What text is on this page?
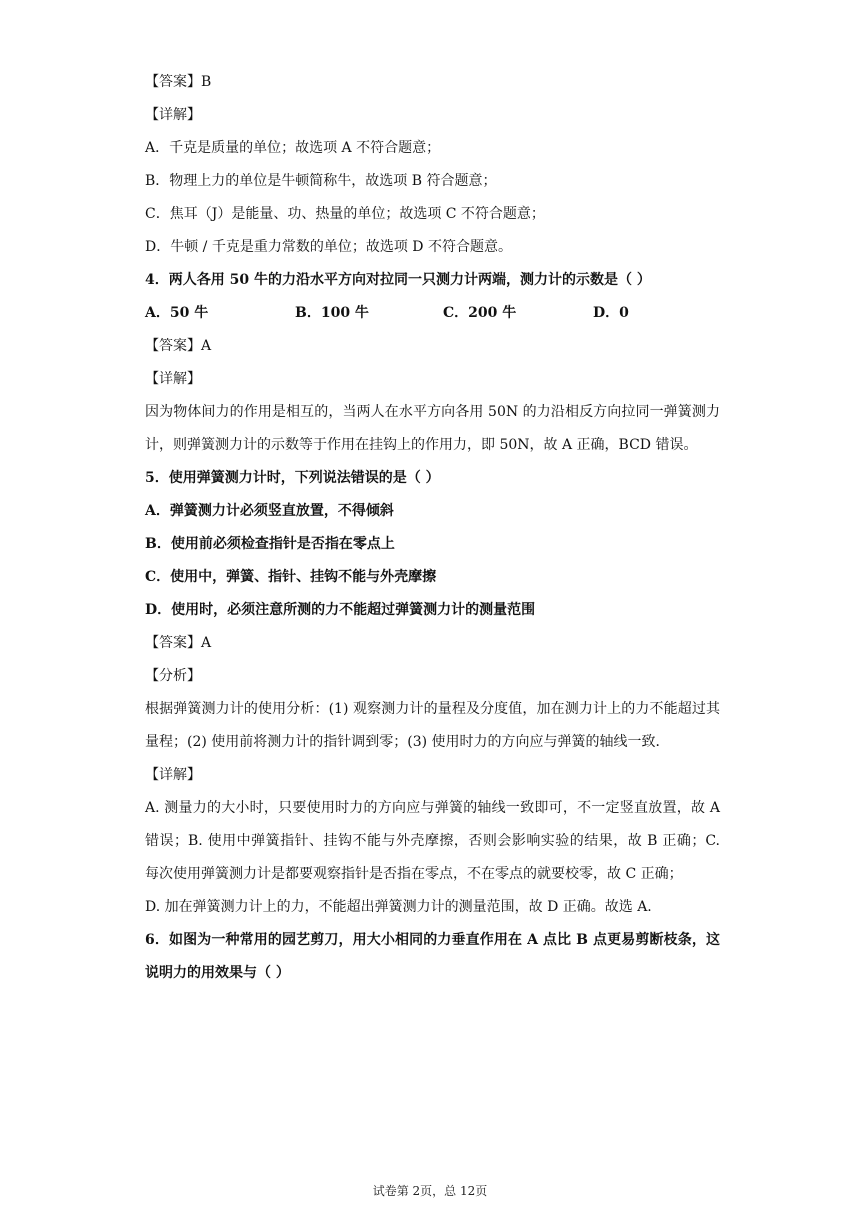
【答案】B
【详解】
A．千克是质量的单位；故选项 A 不符合题意；
B．物理上力的单位是牛顿简称牛，故选项 B 符合题意；
C．焦耳（J）是能量、功、热量的单位；故选项 C 不符合题意；
D．牛顿 / 千克是重力常数的单位；故选项 D 不符合题意。
4．两人各用 50 牛的力沿水平方向对拉同一只测力计两端，测力计的示数是（ ）
A．50 牛	B．100 牛	C．200 牛	D．0
【答案】A
【详解】
因为物体间力的作用是相互的，当两人在水平方向各用 50N 的力沿相反方向拉同一弹簧测力计，则弹簧测力计的示数等于作用在挂钩上的作用力，即 50N，故 A 正确，BCD 错误。
5．使用弹簧测力计时，下列说法错误的是（ ）
A．弹簧测力计必须竖直放置，不得倾斜
B．使用前必须检查指针是否指在零点上
C．使用中，弹簧、指针、挂钩不能与外壳摩擦
D．使用时，必须注意所测的力不能超过弹簧测力计的测量范围
【答案】A
【分析】
根据弹簧测力计的使用分析：(1) 观察测力计的量程及分度值，加在测力计上的力不能超过其量程；(2) 使用前将测力计的指针调到零；(3) 使用时力的方向应与弹簧的轴线一致．
【详解】
A. 测量力的大小时，只要使用时力的方向应与弹簧的轴线一致即可，不一定竖直放置，故 A 错误；B. 使用中弹簧指针、挂钩不能与外壳摩擦，否则会影响实验的结果，故 B 正确；C. 每次使用弹簧测力计是都要观察指针是否指在零点，不在零点的就要校零，故 C 正确；
D. 加在弹簧测力计上的力，不能超出弹簧测力计的测量范围，故 D 正确。故选 A.
6．如图为一种常用的园艺剪刀，用大小相同的力垂直作用在 A 点比 B 点更易剪断枝条，这说明力的用效果与（ ）
试卷第 2页，总 12页
